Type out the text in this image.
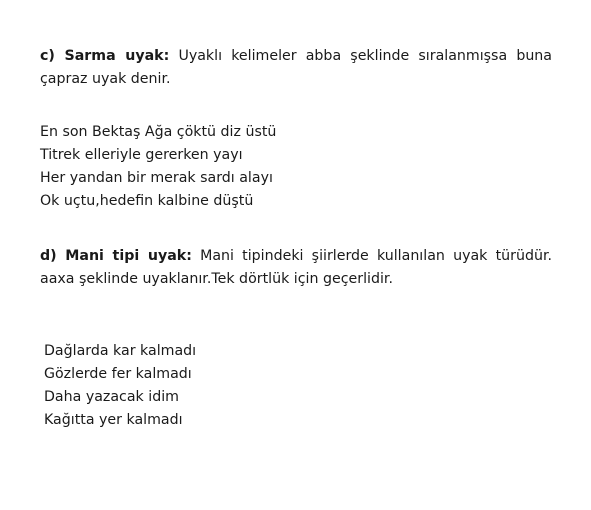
c) Sarma uyak: Uyaklı kelimeler abba şeklinde sıralanmışsa buna çapraz uyak denir.

En son Bektaş Ağa çöktü diz üstü
Titrek elleriyle gererken yayı
Her yandan bir merak sardı alayı
Ok uçtu,hedefin kalbine düştü

d) Mani tipi uyak: Mani tipindeki şiirlerde kullanılan uyak türüdür. aaxa şeklinde uyaklanır.Tek dörtlük için geçerlidir.

Dağlarda kar kalmadı
Gözlerde fer kalmadı
Daha yazacak idim
Kağıtta yer kalmadı
